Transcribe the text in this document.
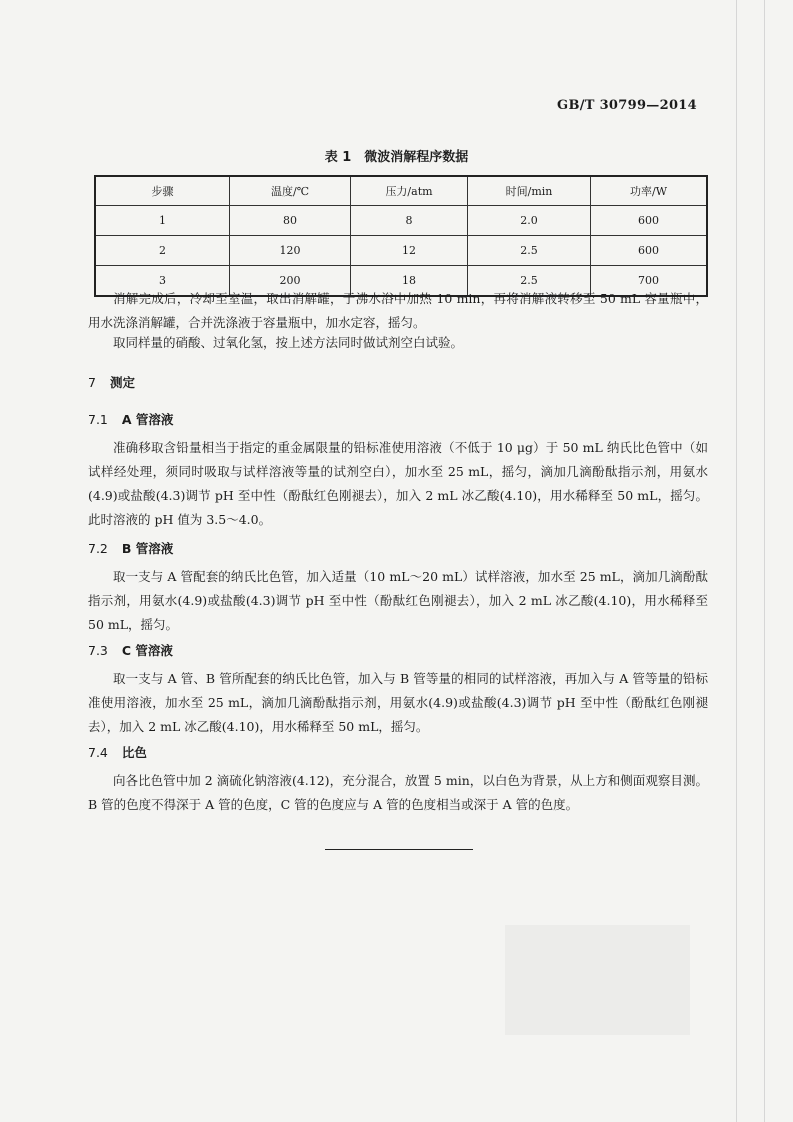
GB/T 30799—2014
表 1　微波消解程序数据
步骤	温度/℃	压力/atm	时间/min	功率/W
1	80	8	2.0	600
2	120	12	2.5	600
3	200	18	2.5	700

消解完成后，冷却至室温，取出消解罐，于沸水浴中加热 10 min，再将消解液转移至 50 mL 容量瓶中，用水洗涤消解罐，合并洗涤液于容量瓶中，加水定容，摇匀。

取同样量的硝酸、过氧化氢，按上述方法同时做试剂空白试验。

7 测定
7.1 A 管溶液

准确移取含铅量相当于指定的重金属限量的铅标准使用溶液（不低于 10 μg）于 50 mL 纳氏比色管中（如试样经处理，须同时吸取与试样溶液等量的试剂空白），加水至 25 mL，摇匀，滴加几滴酚酞指示剂，用氨水(4.9)或盐酸(4.3)调节 pH 至中性（酚酞红色刚褪去），加入 2 mL 冰乙酸(4.10)，用水稀释至 50 mL，摇匀。此时溶液的 pH 值为 3.5～4.0。

7.2 B 管溶液

取一支与 A 管配套的纳氏比色管，加入适量（10 mL～20 mL）试样溶液，加水至 25 mL，滴加几滴酚酞指示剂，用氨水(4.9)或盐酸(4.3)调节 pH 至中性（酚酞红色刚褪去），加入 2 mL 冰乙酸(4.10)，用水稀释至 50 mL，摇匀。

7.3 C 管溶液

取一支与 A 管、B 管所配套的纳氏比色管，加入与 B 管等量的相同的试样溶液，再加入与 A 管等量的铅标准使用溶液，加水至 25 mL，滴加几滴酚酞指示剂，用氨水(4.9)或盐酸(4.3)调节 pH 至中性（酚酞红色刚褪去），加入 2 mL 冰乙酸(4.10)，用水稀释至 50 mL，摇匀。

7.4 比色

向各比色管中加 2 滴硫化钠溶液(4.12)，充分混合，放置 5 min，以白色为背景，从上方和侧面观察目测。B 管的色度不得深于 A 管的色度，C 管的色度应与 A 管的色度相当或深于 A 管的色度。
